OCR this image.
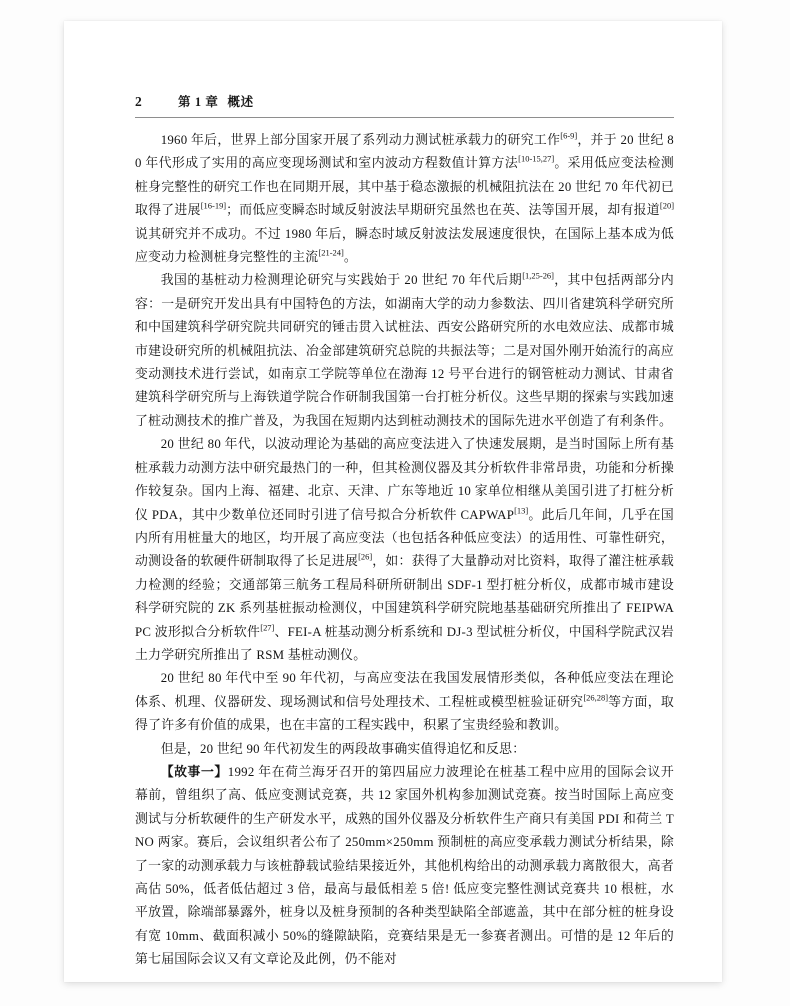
2	第 1 章 概述

1960 年后，世界上部分国家开展了系列动力测试桩承载力的研究工作[6-9]，并于 20 世纪 80 年代形成了实用的高应变现场测试和室内波动方程数值计算方法[10-15,27]。采用低应变法检测桩身完整性的研究工作也在同期开展，其中基于稳态激振的机械阻抗法在 20 世纪 70 年代初已取得了进展[16-19]；而低应变瞬态时域反射波法早期研究虽然也在英、法等国开展，却有报道[20] 说其研究并不成功。不过 1980 年后，瞬态时域反射波法发展速度很快，在国际上基本成为低应变动力检测桩身完整性的主流[21-24]。

我国的基桩动力检测理论研究与实践始于 20 世纪 70 年代后期[1,25-26]，其中包括两部分内容：一是研究开发出具有中国特色的方法，如湖南大学的动力参数法、四川省建筑科学研究所和中国建筑科学研究院共同研究的锤击贯入试桩法、西安公路研究所的水电效应法、成都市城市建设研究所的机械阻抗法、冶金部建筑研究总院的共振法等；二是对国外刚开始流行的高应变动测技术进行尝试，如南京工学院等单位在渤海 12 号平台进行的钢管桩动力测试、甘肃省建筑科学研究所与上海铁道学院合作研制我国第一台打桩分析仪。这些早期的探索与实践加速了桩动测技术的推广普及，为我国在短期内达到桩动测技术的国际先进水平创造了有利条件。

20 世纪 80 年代，以波动理论为基础的高应变法进入了快速发展期，是当时国际上所有基桩承载力动测方法中研究最热门的一种，但其检测仪器及其分析软件非常昂贵，功能和分析操作较复杂。国内上海、福建、北京、天津、广东等地近 10 家单位相继从美国引进了打桩分析仪 PDA，其中少数单位还同时引进了信号拟合分析软件 CAPWAP[13]。此后几年间，几乎在国内所有用桩量大的地区，均开展了高应变法（也包括各种低应变法）的适用性、可靠性研究，动测设备的软硬件研制取得了长足进展[26]，如：获得了大量静动对比资料，取得了灌注桩承载力检测的经验；交通部第三航务工程局科研所研制出 SDF-1 型打桩分析仪，成都市城市建设科学研究院的 ZK 系列基桩振动检测仪，中国建筑科学研究院地基基础研究所推出了 FEIPWAPC 波形拟合分析软件[27]、FEI-A 桩基动测分析系统和 DJ-3 型试桩分析仪，中国科学院武汉岩土力学研究所推出了 RSM 基桩动测仪。

20 世纪 80 年代中至 90 年代初，与高应变法在我国发展情形类似，各种低应变法在理论体系、机理、仪器研发、现场测试和信号处理技术、工程桩或模型桩验证研究[26,28]等方面，取得了许多有价值的成果，也在丰富的工程实践中，积累了宝贵经验和教训。

但是，20 世纪 90 年代初发生的两段故事确实值得追忆和反思：

【故事一】1992 年在荷兰海牙召开的第四届应力波理论在桩基工程中应用的国际会议开幕前，曾组织了高、低应变测试竞赛，共 12 家国外机构参加测试竞赛。按当时国际上高应变测试与分析软硬件的生产研发水平，成熟的国外仪器及分析软件生产商只有美国 PDI 和荷兰 TNO 两家。赛后，会议组织者公布了 250mm×250mm 预制桩的高应变承载力测试分析结果，除了一家的动测承载力与该桩静载试验结果接近外，其他机构给出的动测承载力离散很大，高者高估 50%，低者低估超过 3 倍，最高与最低相差 5 倍! 低应变完整性测试竞赛共 10 根桩，水平放置，除端部暴露外，桩身以及桩身预制的各种类型缺陷全部遮盖，其中在部分桩的桩身设有宽 10mm、截面积减小 50%的缝隙缺陷，竞赛结果是无一参赛者测出。可惜的是 12 年后的第七届国际会议又有文章论及此例，仍不能对
